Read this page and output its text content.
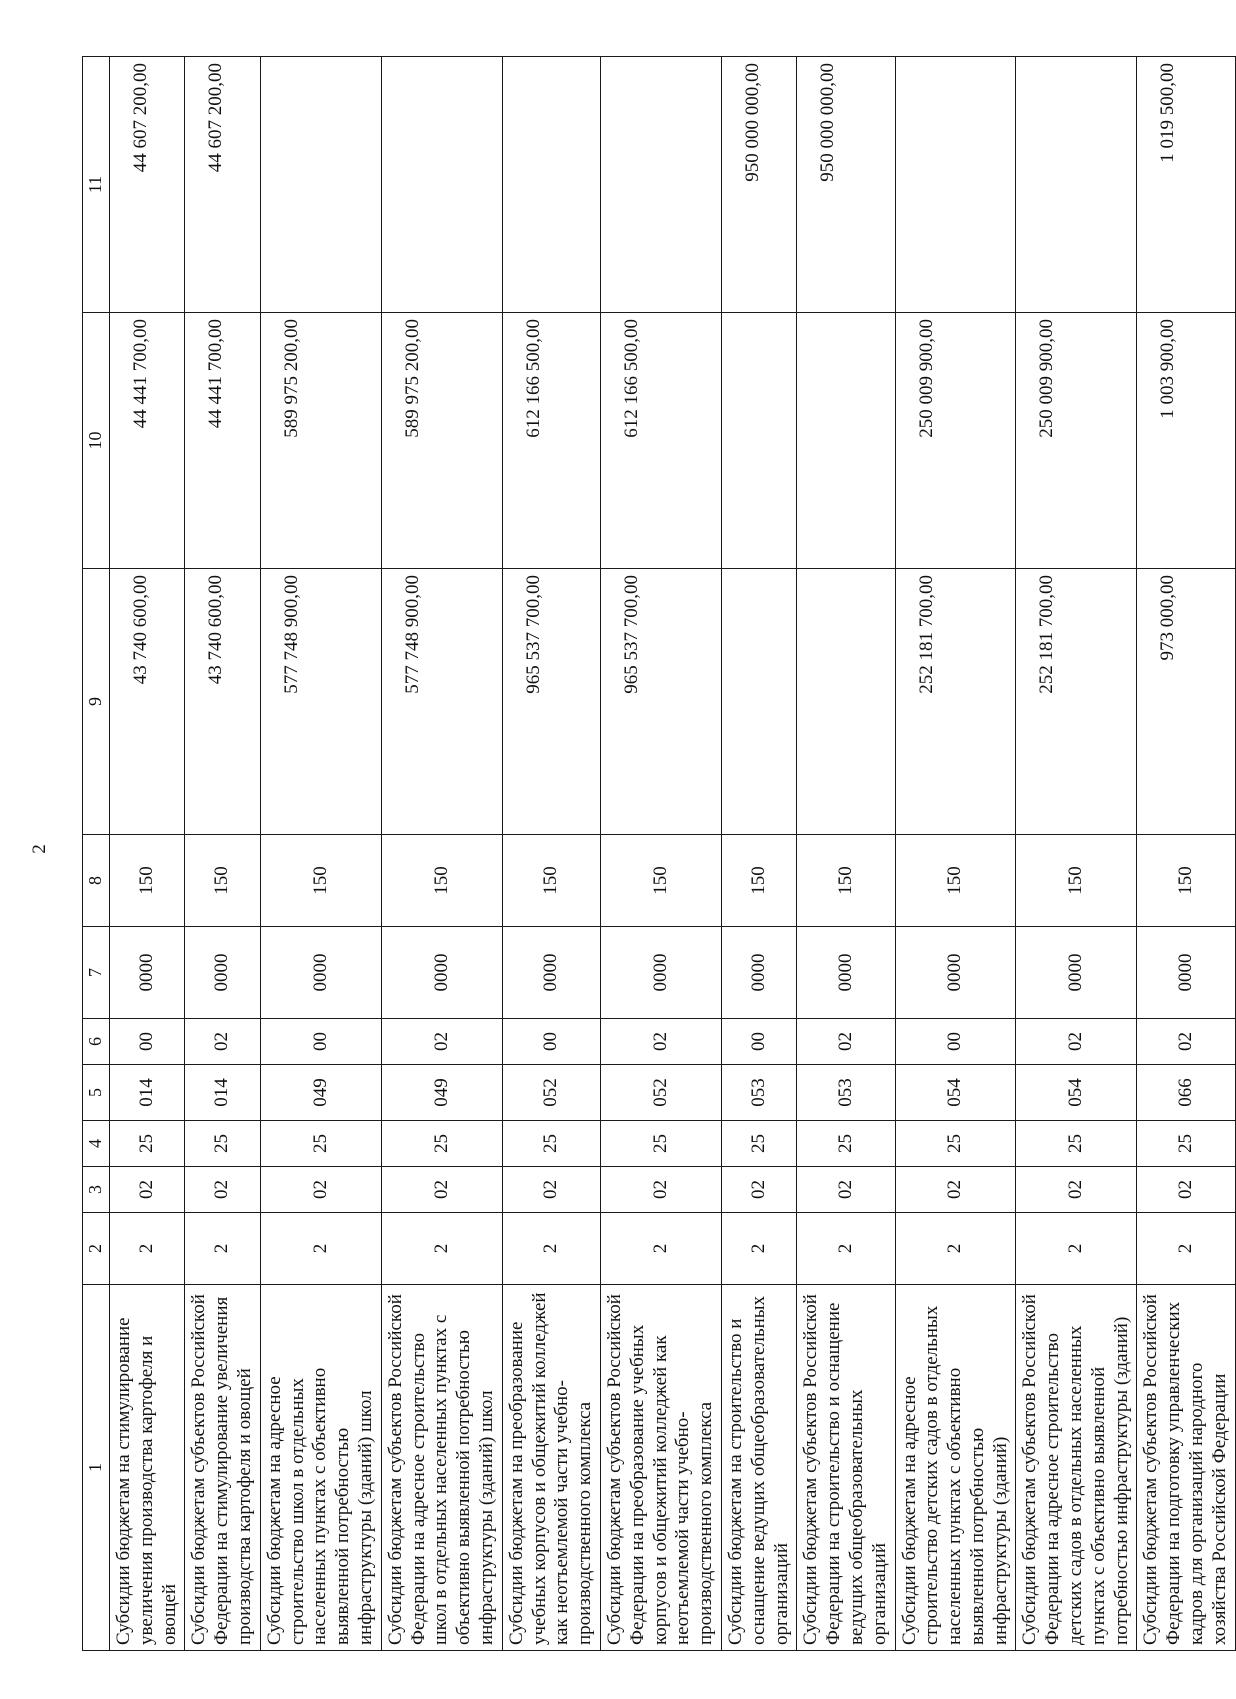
2
1	2	3	4	5	6	7	8	9	10	11
Субсидии бюджетам на стимулирование увеличения производства картофеля и овощей	2	02	25	014	00	0000	150	43 740 600,00	44 441 700,00	44 607 200,00
Субсидии бюджетам субъектов Российской Федерации на стимулирование увеличения производства картофеля и овощей	2	02	25	014	02	0000	150	43 740 600,00	44 441 700,00	44 607 200,00
Субсидии бюджетам на адресное строительство школ в отдельных населенных пунктах с объективно выявленной потребностью инфраструктуры (зданий) школ	2	02	25	049	00	0000	150	577 748 900,00	589 975 200,00	
Субсидии бюджетам субъектов Российской Федерации на адресное строительство школ в отдельных населенных пунктах с объективно выявленной потребностью инфраструктуры (зданий) школ	2	02	25	049	02	0000	150	577 748 900,00	589 975 200,00	
Субсидии бюджетам на преобразование учебных корпусов и общежитий колледжей как неотъемлемой части учебно-производственного комплекса	2	02	25	052	00	0000	150	965 537 700,00	612 166 500,00	
Субсидии бюджетам субъектов Российской Федерации на преобразование учебных корпусов и общежитий колледжей как неотъемлемой части учебно-производственного комплекса	2	02	25	052	02	0000	150	965 537 700,00	612 166 500,00	
Субсидии бюджетам на строительство и оснащение ведущих общеобразовательных организаций	2	02	25	053	00	0000	150			950 000 000,00
Субсидии бюджетам субъектов Российской Федерации на строительство и оснащение ведущих общеобразовательных организаций	2	02	25	053	02	0000	150			950 000 000,00
Субсидии бюджетам на адресное строительство детских садов в отдельных населенных пунктах с объективно выявленной потребностью инфраструктуры (зданий)	2	02	25	054	00	0000	150	252 181 700,00	250 009 900,00	
Субсидии бюджетам субъектов Российской Федерации на адресное строительство детских садов в отдельных населенных пунктах с объективно выявленной потребностью инфраструктуры (зданий)	2	02	25	054	02	0000	150	252 181 700,00	250 009 900,00	
Субсидии бюджетам субъектов Российской Федерации на подготовку управленческих кадров для организаций народного хозяйства Российской Федерации	2	02	25	066	02	0000	150	973 000,00	1 003 900,00	1 019 500,00
